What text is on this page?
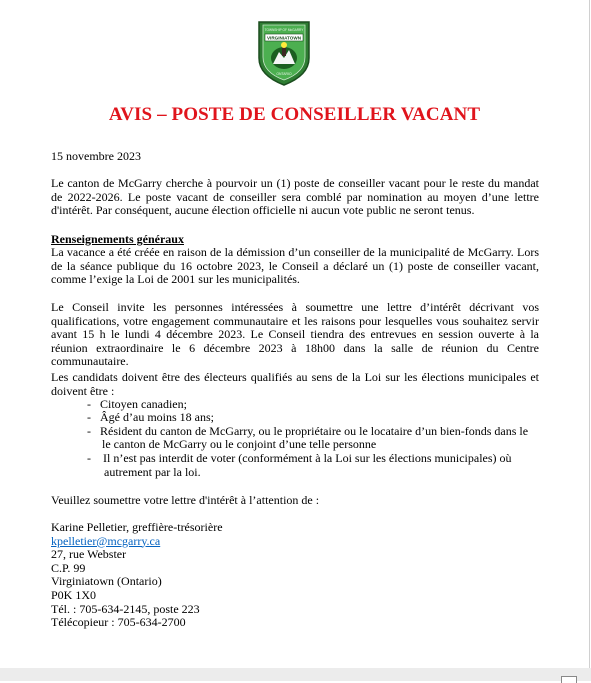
VIRGINIATOWN
TOWNSHIP OF McGARRY
ONTARIO
AVIS – POSTE DE CONSEILLER VACANT
15 novembre 2023
Le canton de McGarry cherche à pourvoir un (1) poste de conseiller vacant pour le reste du mandat de 2022-2026. Le poste vacant de conseiller sera comblé par nomination au moyen d’une lettre d'intérêt. Par conséquent, aucune élection officielle ni aucun vote public ne seront tenus.
Renseignements généraux
La vacance a été créée en raison de la démission d’un conseiller de la municipalité de McGarry. Lors de la séance publique du 16 octobre 2023, le Conseil a déclaré un (1) poste de conseiller vacant, comme l’exige la Loi de 2001 sur les municipalités.
Le Conseil invite les personnes intéressées à soumettre une lettre d’intérêt décrivant vos qualifications, votre engagement communautaire et les raisons pour lesquelles vous souhaitez servir avant 15 h le lundi 4 décembre 2023. Le Conseil tiendra des entrevues en session ouverte à la réunion extraordinaire le 6 décembre 2023 à 18h00 dans la salle de réunion du Centre communautaire.
Les candidats doivent être des électeurs qualifiés au sens de la Loi sur les élections municipales et doivent être :
- Citoyen canadien;
- Âgé d’au moins 18 ans;
- Résident du canton de McGarry, ou le propriétaire ou le locataire d’un bien-fonds dans le
le canton de McGarry ou le conjoint d’une telle personne
- Il n’est pas interdit de voter (conformément à la Loi sur les élections municipales) où
autrement par la loi.
Veuillez soumettre votre lettre d'intérêt à l’attention de :
Karine Pelletier, greffière-trésorière
kpelletier@mcgarry.ca
27, rue Webster
C.P. 99
Virginiatown (Ontario)
P0K 1X0
Tél. : 705-634-2145, poste 223
Télécopieur : 705-634-2700
